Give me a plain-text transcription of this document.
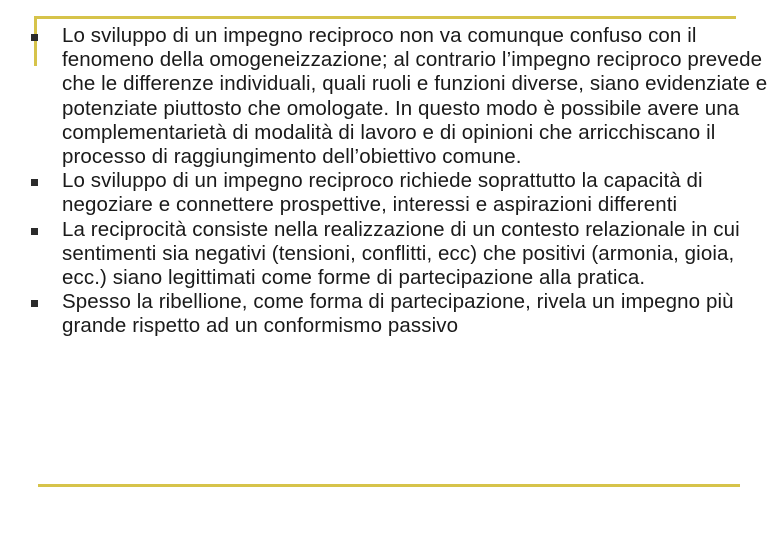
Lo sviluppo di un impegno reciproco non va comunque confuso con il fenomeno della omogeneizzazione; al contrario l’impegno reciproco prevede che le differenze individuali, quali ruoli e funzioni diverse, siano evidenziate e potenziate piuttosto che omologate. In questo modo è possibile avere una complementarietà di modalità di lavoro e di opinioni che arricchiscano il processo di raggiungimento dell’obiettivo comune.
Lo sviluppo di un impegno reciproco richiede soprattutto la capacità di negoziare e connettere prospettive, interessi e aspirazioni differenti
La reciprocità consiste nella realizzazione di un contesto relazionale in cui sentimenti sia negativi (tensioni, conflitti, ecc) che positivi (armonia, gioia, ecc.) siano legittimati come forme di partecipazione alla pratica.
Spesso la ribellione, come forma di partecipazione, rivela un impegno più grande rispetto ad un conformismo passivo
